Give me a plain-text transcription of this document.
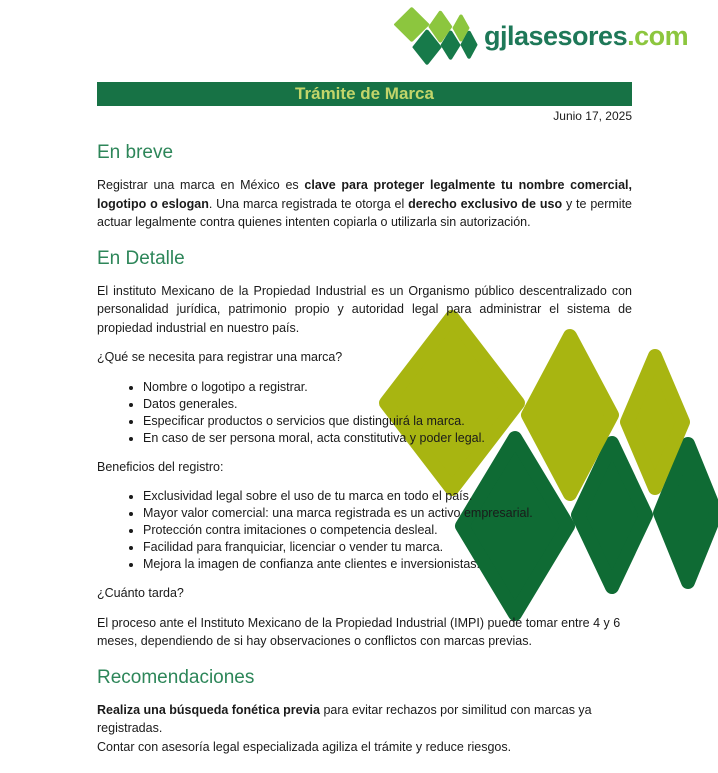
gjlasesores.com
Trámite de Marca
Junio 17, 2025
En breve

Registrar una marca en México es clave para proteger legalmente tu nombre comercial, logotipo o eslogan. Una marca registrada te otorga el derecho exclusivo de uso y te permite actuar legalmente contra quienes intenten copiarla o utilizarla sin autorización.

En Detalle

El instituto Mexicano de la Propiedad Industrial es un Organismo público descentralizado con personalidad jurídica, patrimonio propio y autoridad legal para administrar el sistema de propiedad industrial en nuestro país.

¿Qué se necesita para registrar una marca?

• Nombre o logotipo a registrar.
• Datos generales.
• Especificar productos o servicios que distinguirá la marca.
• En caso de ser persona moral, acta constitutiva y poder legal.

Beneficios del registro:

• Exclusividad legal sobre el uso de tu marca en todo el país.
• Mayor valor comercial: una marca registrada es un activo empresarial.
• Protección contra imitaciones o competencia desleal.
• Facilidad para franquiciar, licenciar o vender tu marca.
• Mejora la imagen de confianza ante clientes e inversionistas.

¿Cuánto tarda?

El proceso ante el Instituto Mexicano de la Propiedad Industrial (IMPI) puede tomar entre 4 y 6 meses, dependiendo de si hay observaciones o conflictos con marcas previas.

Recomendaciones

Realiza una búsqueda fonética previa para evitar rechazos por similitud con marcas ya registradas.

Contar con asesoría legal especializada agiliza el trámite y reduce riesgos.
